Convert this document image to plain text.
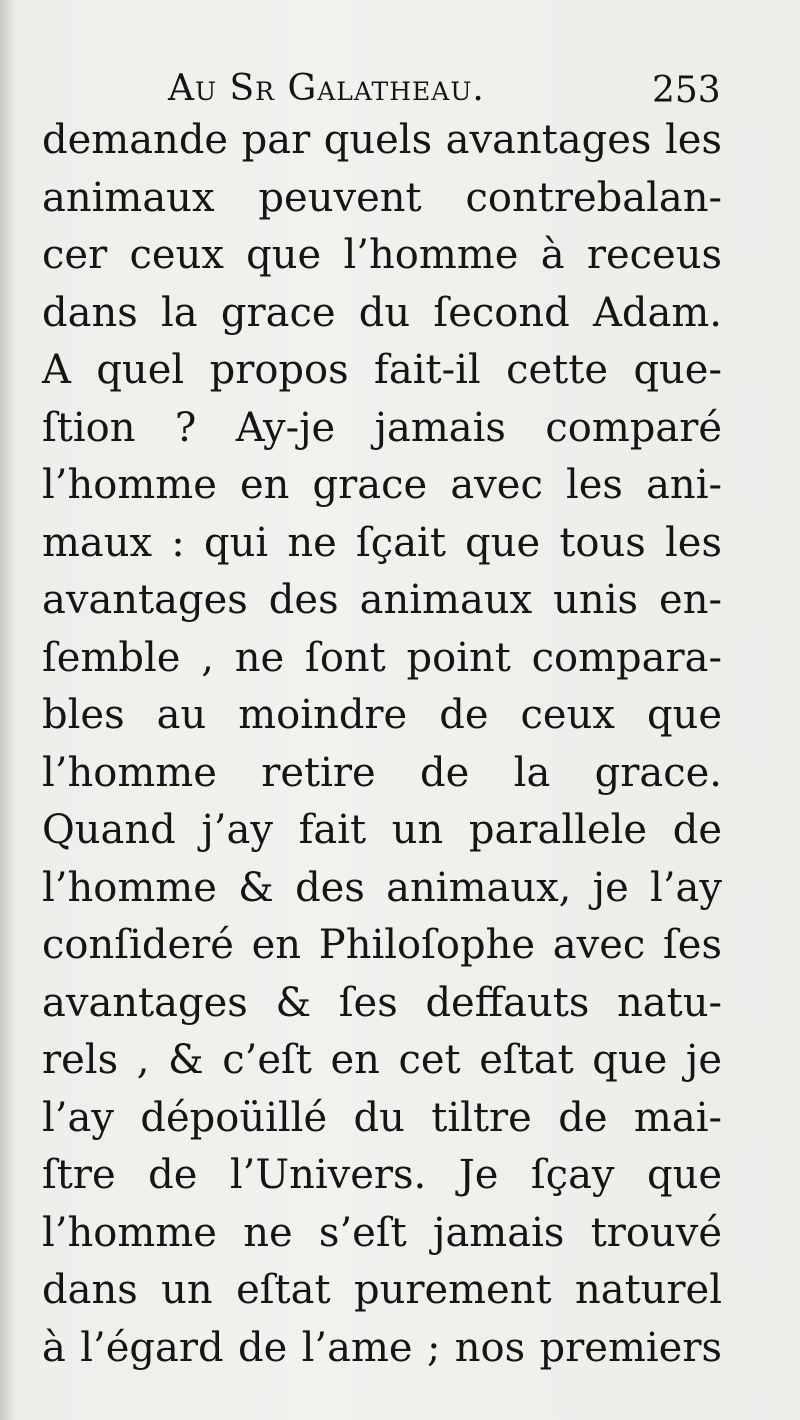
Au Sr Galatheau.	253
demande par quels avantages les
animaux peuvent contrebalan-
cer ceux que l’homme à receus
dans la grace du ſecond Adam.
A quel propos fait-il cette que-
ſtion ? Ay-je jamais comparé
l’homme en grace avec les ani-
maux : qui ne ſçait que tous les
avantages des animaux unis en-
ſemble , ne ſont point compara-
bles au moindre de ceux que
l’homme retire de la grace.
Quand j’ay fait un parallele de
l’homme & des animaux, je l’ay
conſideré en Philoſophe avec ſes
avantages & ſes deffauts natu-
rels , & c’eſt en cet eſtat que je
l’ay dépoüillé du tiltre de mai-
ſtre de l’Univers. Je ſçay que
l’homme ne s’eſt jamais trouvé
dans un eſtat purement naturel
à l’égard de l’ame ; nos premiers
